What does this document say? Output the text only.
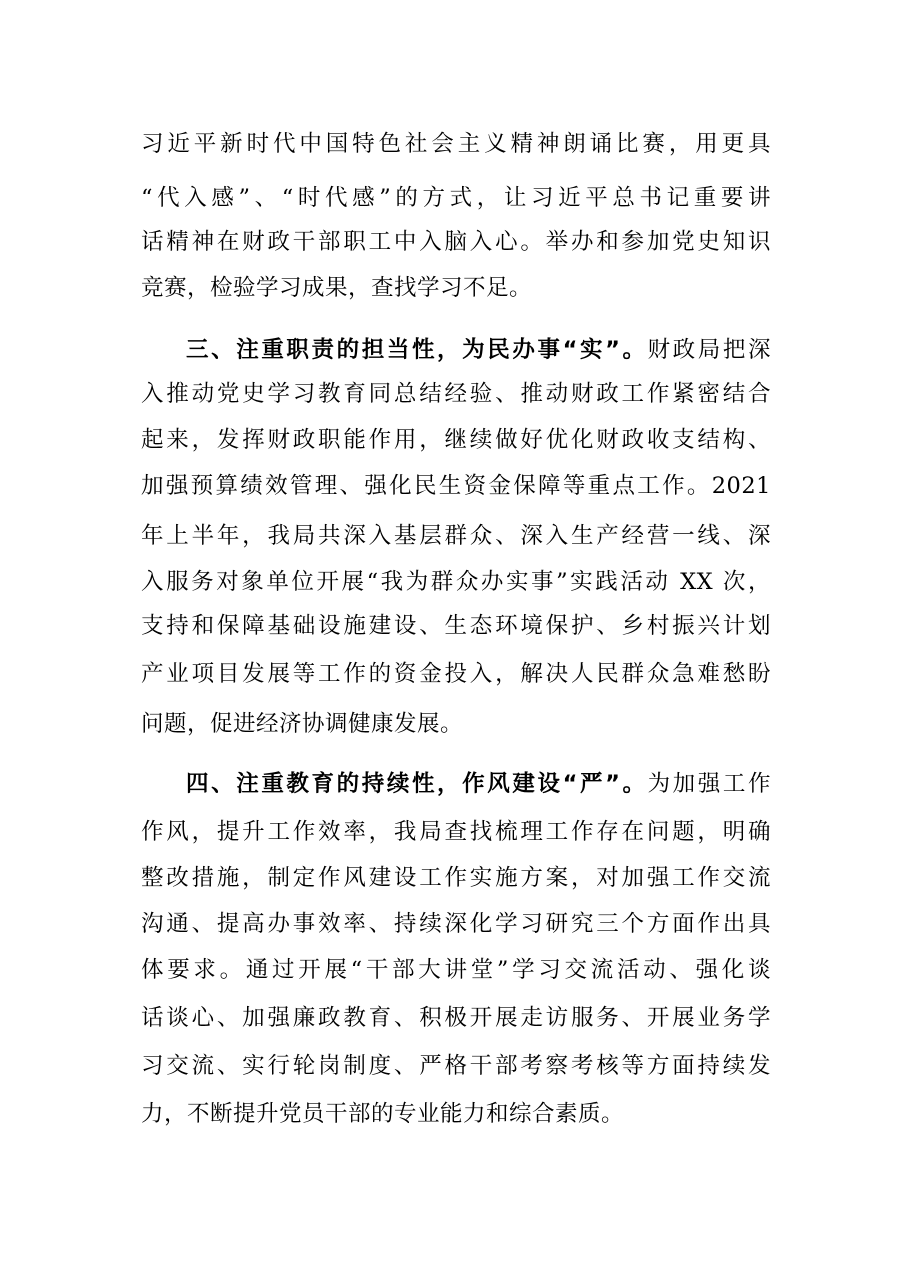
习近平新时代中国特色社会主义精神朗诵比赛，用更具
“代入感”、“时代感”的方式，让习近平总书记重要讲
话精神在财政干部职工中入脑入心。举办和参加党史知识
竞赛，检验学习成果，查找学习不足。
三、注重职责的担当性，为民办事“实”。财政局把深
入推动党史学习教育同总结经验、推动财政工作紧密结合
起来，发挥财政职能作用，继续做好优化财政收支结构、
加强预算绩效管理、强化民生资金保障等重点工作。2021
年上半年，我局共深入基层群众、深入生产经营一线、深
入服务对象单位开展“我为群众办实事”实践活动 XX 次，
支持和保障基础设施建设、生态环境保护、乡村振兴计划
产业项目发展等工作的资金投入，解决人民群众急难愁盼
问题，促进经济协调健康发展。
四、注重教育的持续性，作风建设“严”。为加强工作
作风，提升工作效率，我局查找梳理工作存在问题，明确
整改措施，制定作风建设工作实施方案，对加强工作交流
沟通、提高办事效率、持续深化学习研究三个方面作出具
体要求。通过开展“干部大讲堂”学习交流活动、强化谈
话谈心、加强廉政教育、积极开展走访服务、开展业务学
习交流、实行轮岗制度、严格干部考察考核等方面持续发
力，不断提升党员干部的专业能力和综合素质。
